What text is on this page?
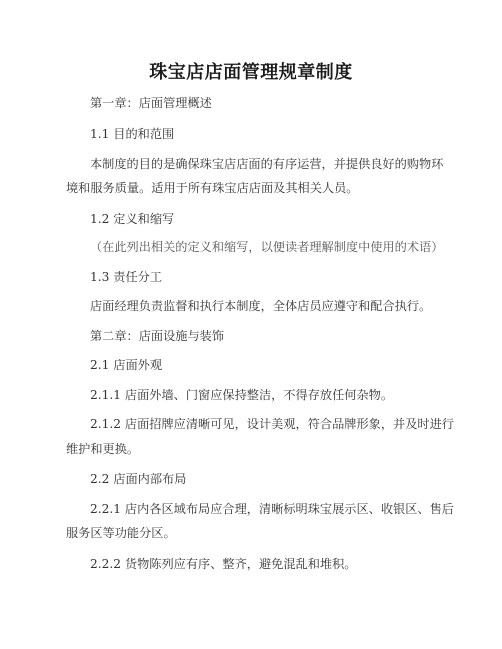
珠宝店店面管理规章制度
第一章：店面管理概述
1.1 目的和范围
本制度的目的是确保珠宝店店面的有序运营，并提供良好的购物环
境和服务质量。适用于所有珠宝店店面及其相关人员。
1.2 定义和缩写
（在此列出相关的定义和缩写，以便读者理解制度中使用的术语）
1.3 责任分工
店面经理负责监督和执行本制度，全体店员应遵守和配合执行。
第二章：店面设施与装饰
2.1 店面外观
2.1.1 店面外墙、门窗应保持整洁，不得存放任何杂物。
2.1.2 店面招牌应清晰可见，设计美观，符合品牌形象，并及时进行
维护和更换。
2.2 店面内部布局
2.2.1 店内各区域布局应合理，清晰标明珠宝展示区、收银区、售后
服务区等功能分区。
2.2.2 货物陈列应有序、整齐，避免混乱和堆积。
